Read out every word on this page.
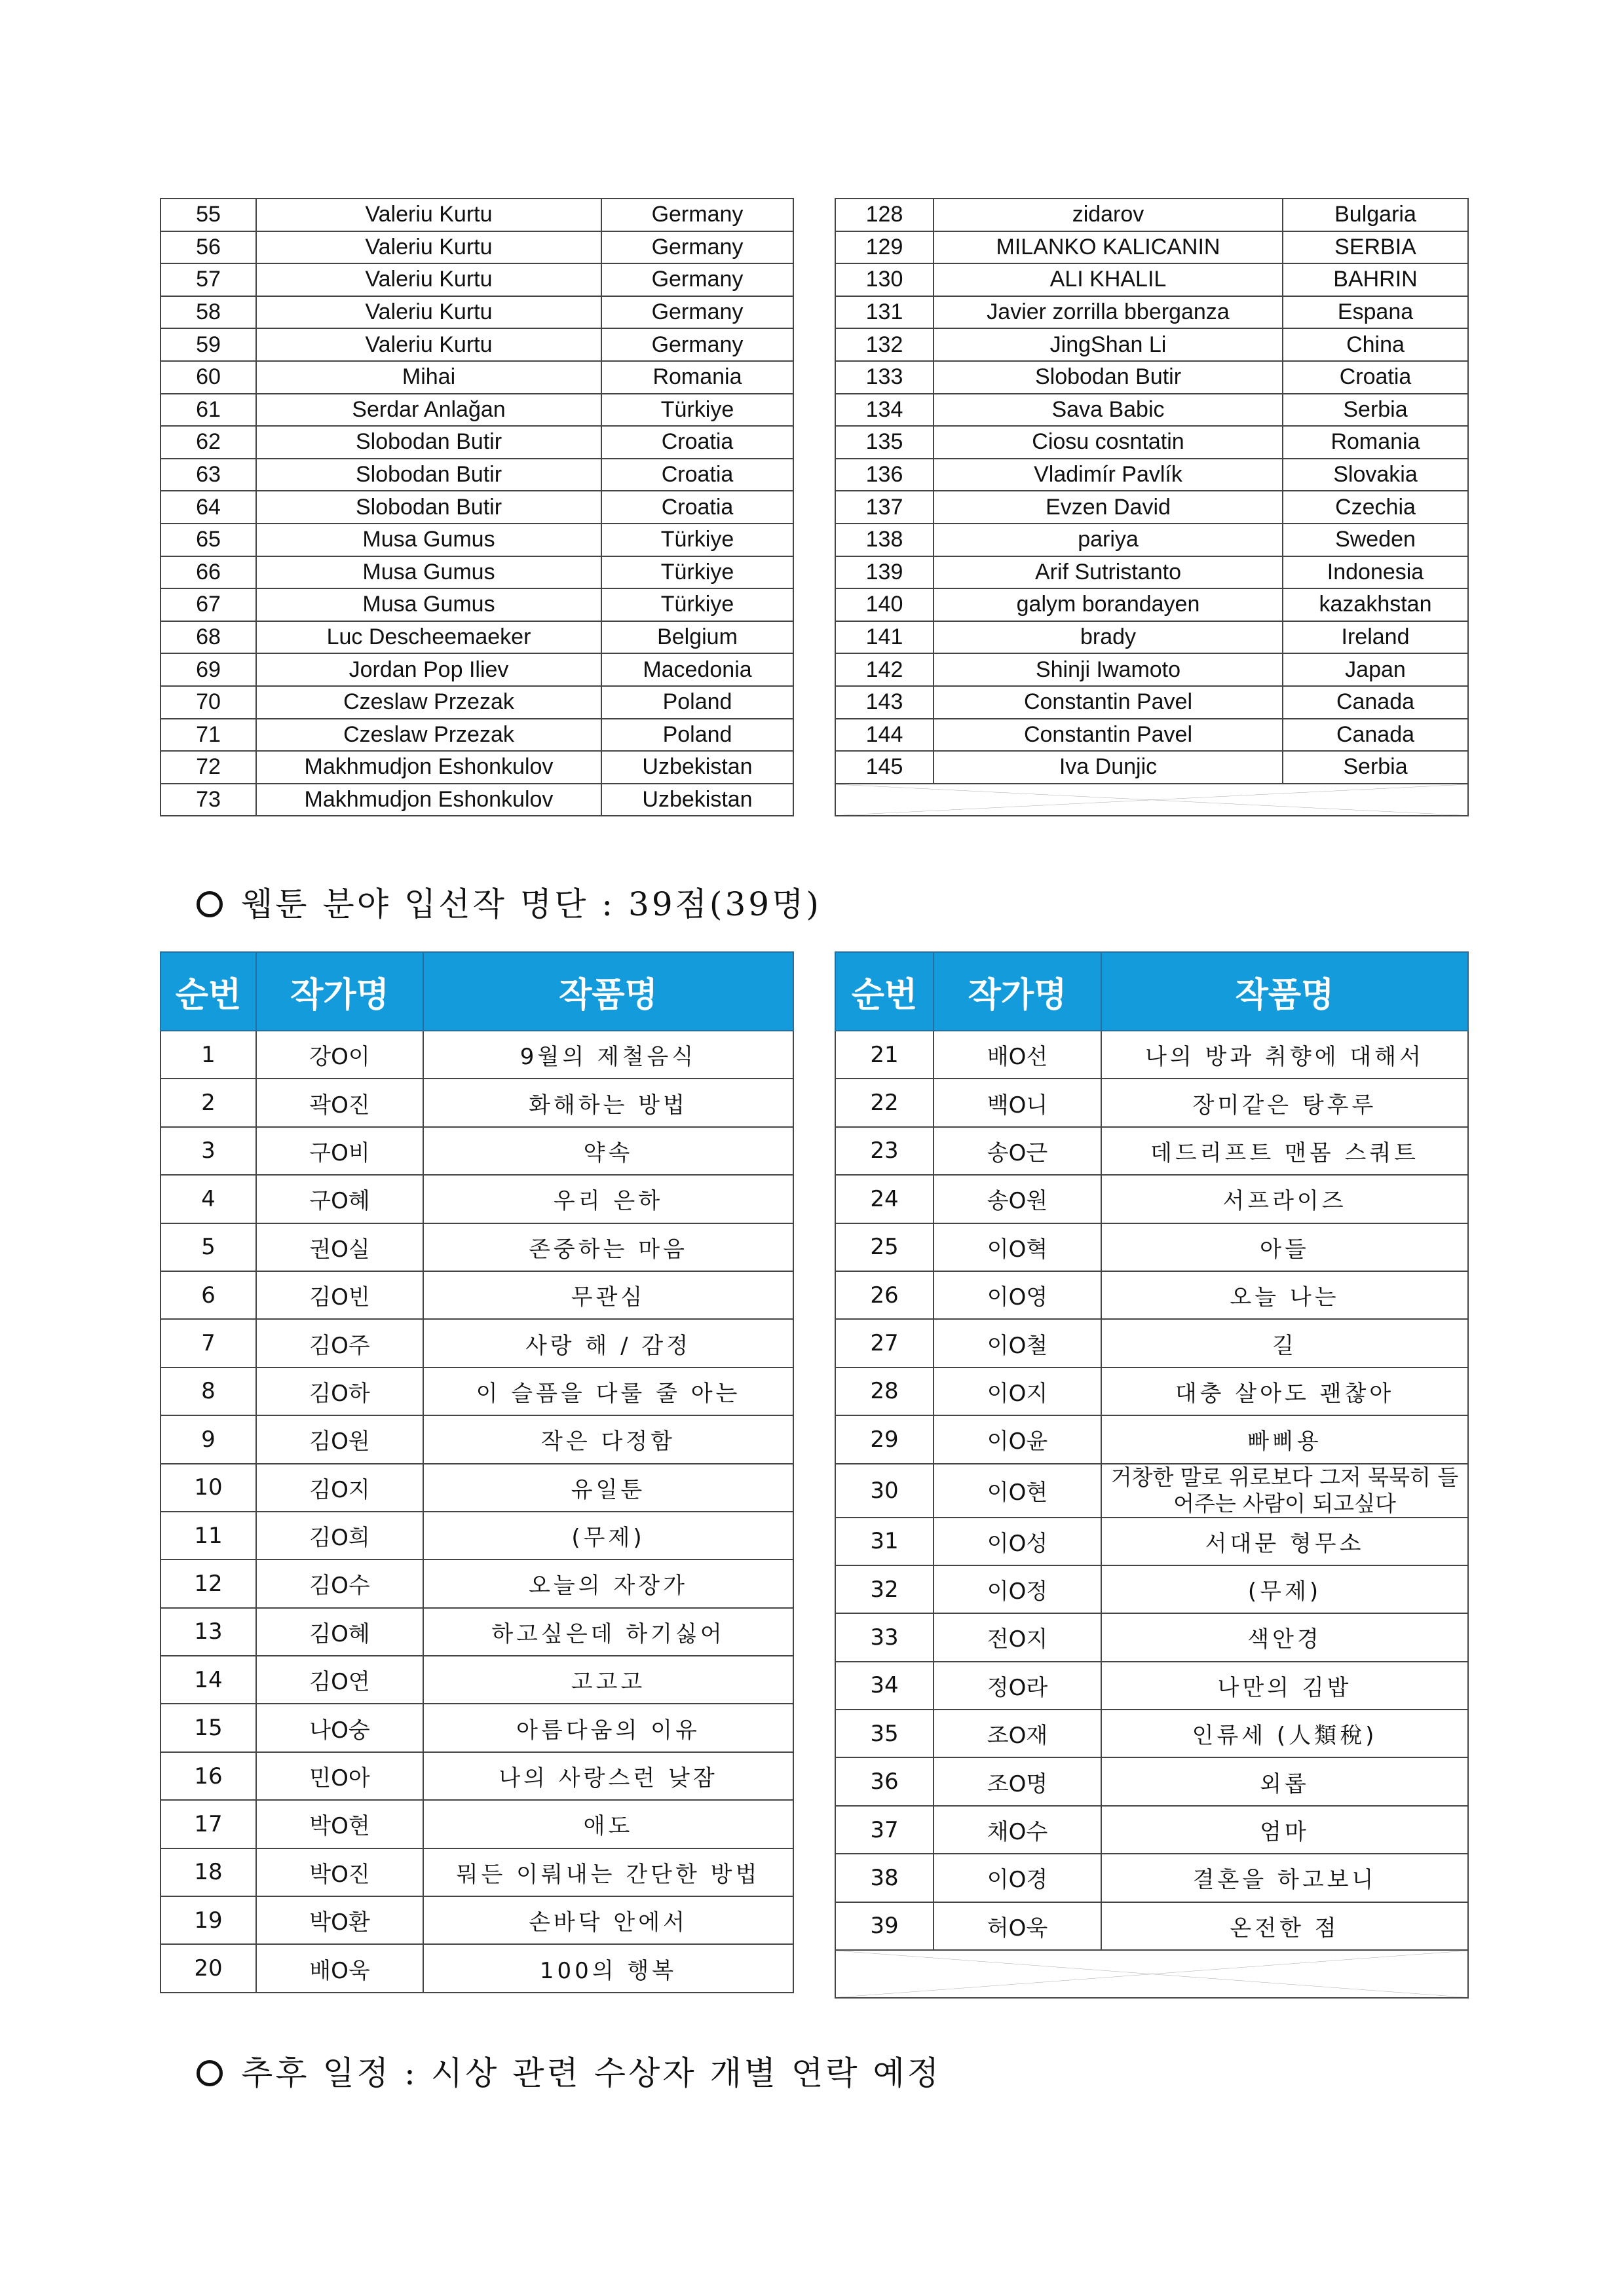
55	Valeriu Kurtu	Germany
56	Valeriu Kurtu	Germany
57	Valeriu Kurtu	Germany
58	Valeriu Kurtu	Germany
59	Valeriu Kurtu	Germany
60	Mihai	Romania
61	Serdar Anlağan	Türkiye
62	Slobodan Butir	Croatia
63	Slobodan Butir	Croatia
64	Slobodan Butir	Croatia
65	Musa Gumus	Türkiye
66	Musa Gumus	Türkiye
67	Musa Gumus	Türkiye
68	Luc Descheemaeker	Belgium
69	Jordan Pop Iliev	Macedonia
70	Czeslaw Przezak	Poland
71	Czeslaw Przezak	Poland
72	Makhmudjon Eshonkulov	Uzbekistan
73	Makhmudjon Eshonkulov	Uzbekistan
128	zidarov	Bulgaria
129	MILANKO KALICANIN	SERBIA
130	ALI KHALIL	BAHRIN
131	Javier zorrilla bberganza	Espana
132	JingShan Li	China
133	Slobodan Butir	Croatia
134	Sava Babic	Serbia
135	Ciosu cosntatin	Romania
136	Vladimír Pavlík	Slovakia
137	Evzen David	Czechia
138	pariya	Sweden
139	Arif Sutristanto	Indonesia
140	galym borandayen	kazakhstan
141	brady	Ireland
142	Shinji Iwamoto	Japan
143	Constantin Pavel	Canada
144	Constantin Pavel	Canada
145	Iva Dunjic	Serbia

웹툰 분야 입선작 명단 : 39점(39명)
순번	작가명	작품명
1	강O이	9월의 제철음식
2	곽O진	화해하는 방법
3	구O비	약속
4	구O혜	우리 은하
5	권O실	존중하는 마음
6	김O빈	무관심
7	김O주	사랑 해 / 감정
8	김O하	이 슬픔을 다룰 줄 아는
9	김O원	작은 다정함
10	김O지	유일툰
11	김O희	(무제)
12	김O수	오늘의 자장가
13	김O혜	하고싶은데 하기싫어
14	김O연	고고고
15	나O숭	아름다움의 이유
16	민O아	나의 사랑스런 낮잠
17	박O현	애도
18	박O진	뭐든 이뤄내는 간단한 방법
19	박O환	손바닥 안에서
20	배O욱	100의 행복
순번	작가명	작품명
21	배O선	나의 방과 취향에 대해서
22	백O니	장미같은 탕후루
23	송O근	데드리프트 맨몸 스쿼트
24	송O원	서프라이즈
25	이O혁	아들
26	이O영	오늘 나는
27	이O철	길
28	이O지	대충 살아도 괜찮아
29	이O윤	빠삐용
30	이O현	거창한 말로 위로보다 그저 묵묵히 들어주는 사람이 되고싶다
31	이O성	서대문 형무소
32	이O정	(무제)
33	전O지	색안경
34	정O라	나만의 김밥
35	조O재	인류세 (人類稅)
36	조O명	외롭
37	채O수	엄마
38	이O경	결혼을 하고보니
39	허O욱	온전한 점

추후 일정 : 시상 관련 수상자 개별 연락 예정
